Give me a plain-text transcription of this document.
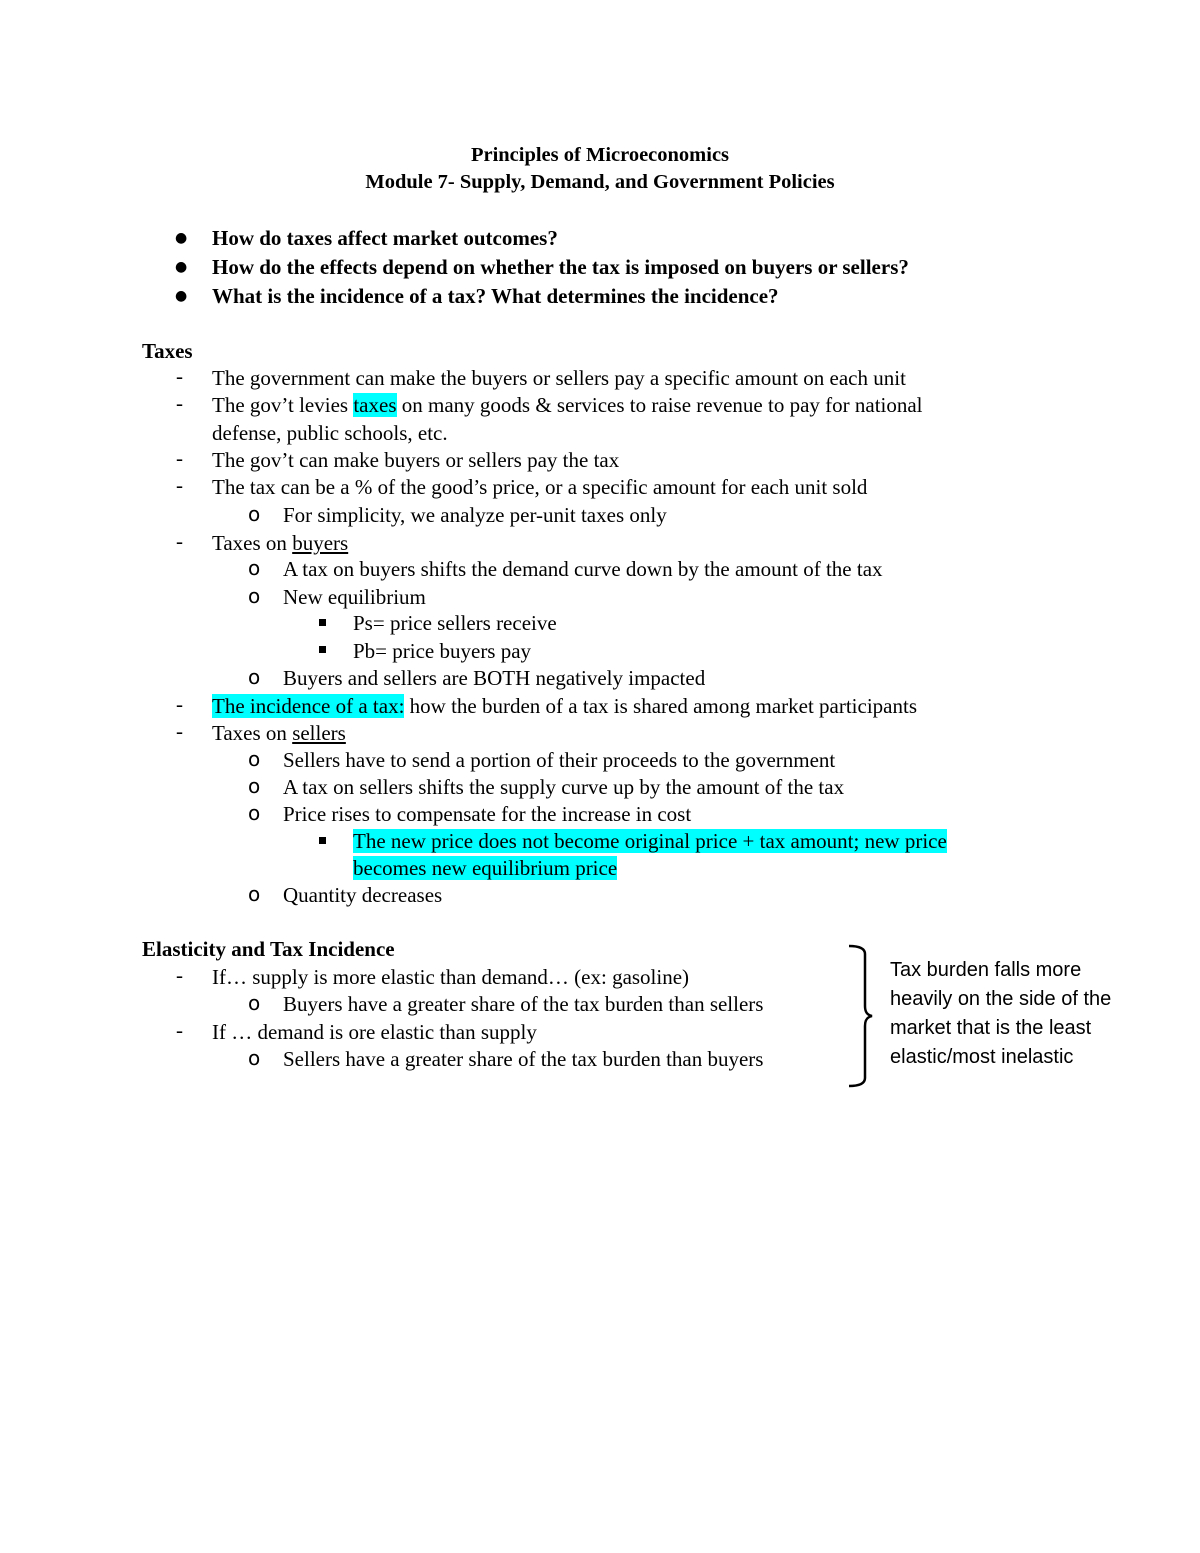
Principles of Microeconomics
Module 7- Supply, Demand, and Government Policies
● How do taxes affect market outcomes?
● How do the effects depend on whether the tax is imposed on buyers or sellers?
● What is the incidence of a tax? What determines the incidence?
Taxes
- The government can make the buyers or sellers pay a specific amount on each unit
- The gov’t levies taxes on many goods & services to raise revenue to pay for national
defense, public schools, etc.
- The gov’t can make buyers or sellers pay the tax
- The tax can be a % of the good’s price, or a specific amount for each unit sold
o For simplicity, we analyze per-unit taxes only
- Taxes on buyers
o A tax on buyers shifts the demand curve down by the amount of the tax
o New equilibrium
Ps= price sellers receive
Pb= price buyers pay
o Buyers and sellers are BOTH negatively impacted
- The incidence of a tax: how the burden of a tax is shared among market participants
- Taxes on sellers
o Sellers have to send a portion of their proceeds to the government
o A tax on sellers shifts the supply curve up by the amount of the tax
o Price rises to compensate for the increase in cost
The new price does not become original price + tax amount; new price
becomes new equilibrium price
o Quantity decreases
Elasticity and Tax Incidence
- If… supply is more elastic than demand… (ex: gasoline)
o Buyers have a greater share of the tax burden than sellers
- If … demand is ore elastic than supply
o Sellers have a greater share of the tax burden than buyers
Tax burden falls more
heavily on the side of the
market that is the least
elastic/most inelastic
